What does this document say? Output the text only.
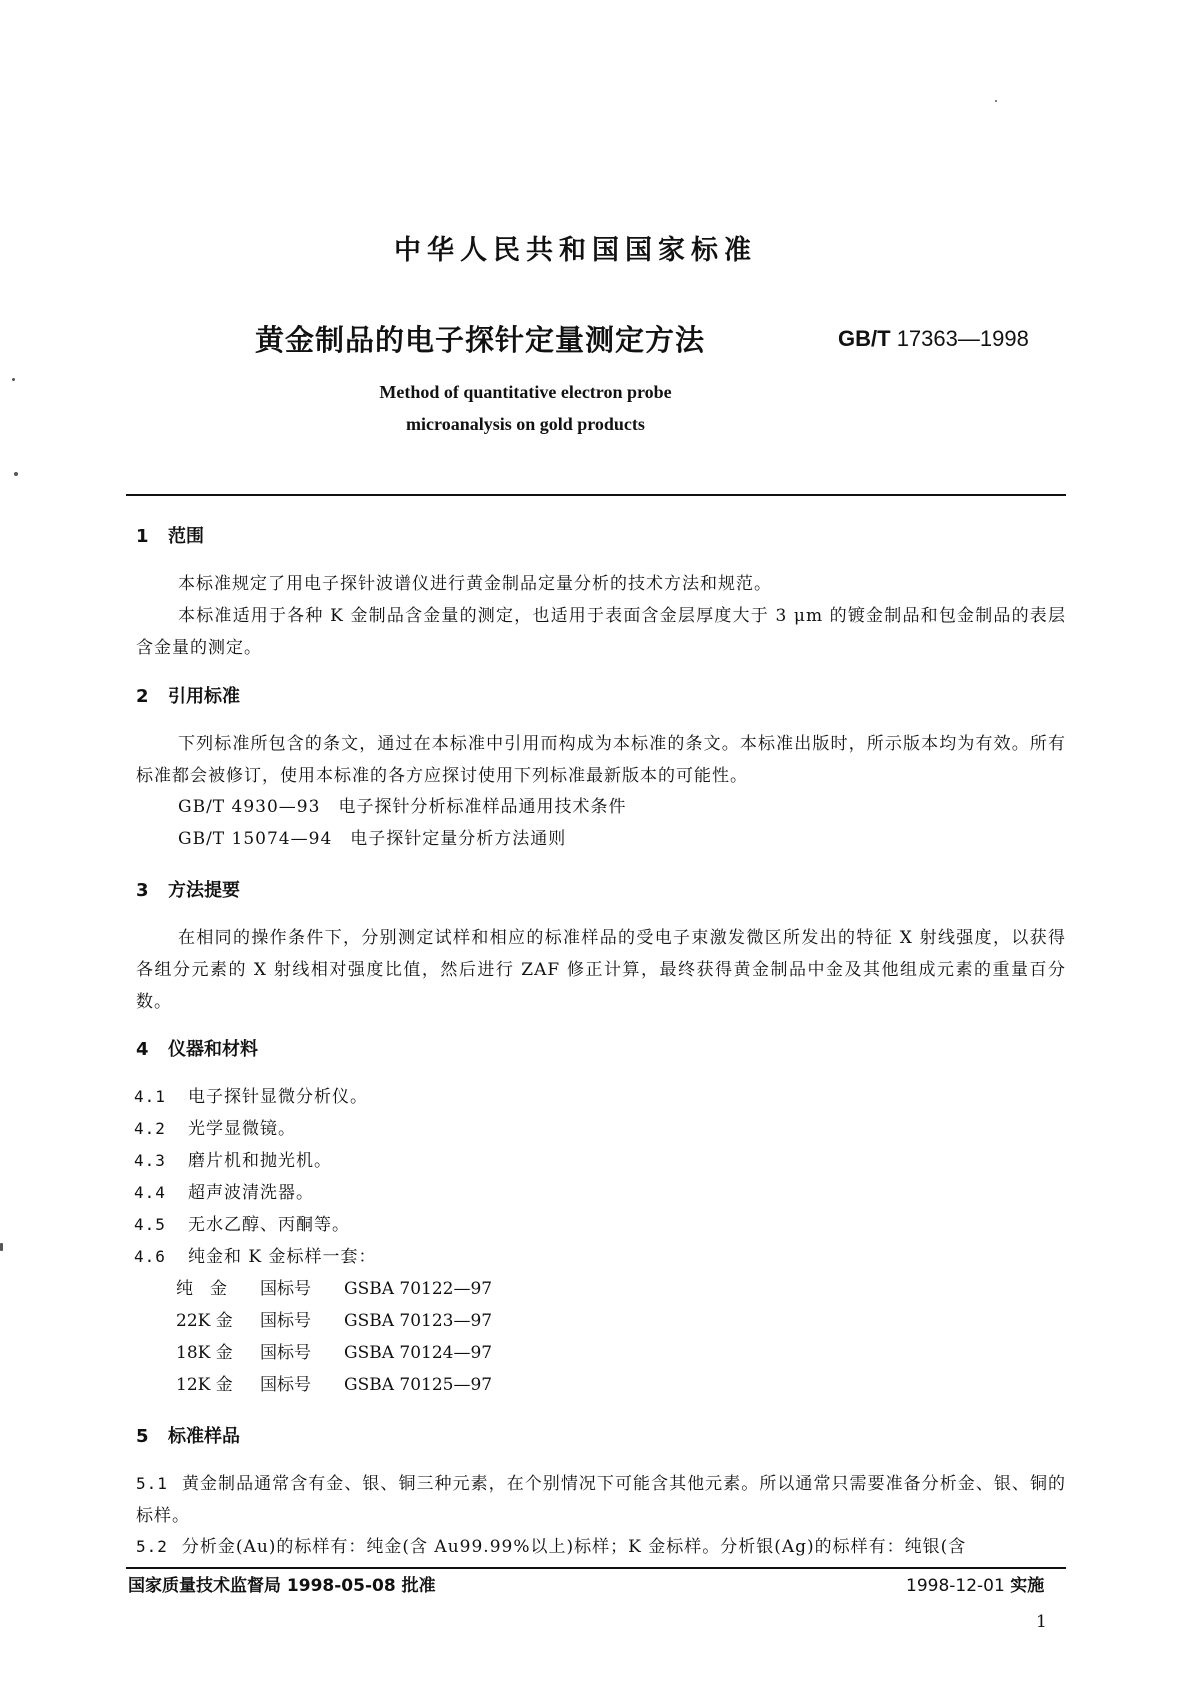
中华人民共和国国家标准
黄金制品的电子探针定量测定方法	GB/T 17363—1998
Method of quantitative electron probe
microanalysis on gold products
1 范围
本标准规定了用电子探针波谱仪进行黄金制品定量分析的技术方法和规范。
本标准适用于各种 K 金制品含金量的测定，也适用于表面含金层厚度大于 3 μm 的镀金制品和包金制品的表层含金量的测定。
2 引用标准
下列标准所包含的条文，通过在本标准中引用而构成为本标准的条文。本标准出版时，所示版本均为有效。所有标准都会被修订，使用本标准的各方应探讨使用下列标准最新版本的可能性。
GB/T 4930—93　电子探针分析标准样品通用技术条件
GB/T 15074—94　电子探针定量分析方法通则
3 方法提要
在相同的操作条件下，分别测定试样和相应的标准样品的受电子束激发微区所发出的特征 X 射线强度，以获得各组分元素的 X 射线相对强度比值，然后进行 ZAF 修正计算，最终获得黄金制品中金及其他组成元素的重量百分数。
4 仪器和材料
4.1 电子探针显微分析仪。
4.2 光学显微镜。
4.3 磨片机和抛光机。
4.4 超声波清洗器。
4.5 无水乙醇、丙酮等。
4.6 纯金和 K 金标样一套：
纯　金 国标号 GSBA 70122—97
22K 金 国标号 GSBA 70123—97
18K 金 国标号 GSBA 70124—97
12K 金 国标号 GSBA 70125—97
5 标准样品
5.1 黄金制品通常含有金、银、铜三种元素，在个别情况下可能含其他元素。所以通常只需要准备分析金、银、铜的标样。
5.2 分析金(Au)的标样有：纯金(含 Au99.99%以上)标样；K 金标样。分析银(Ag)的标样有：纯银(含
国家质量技术监督局 1998-05-08 批准	1998-12-01 实施
1
